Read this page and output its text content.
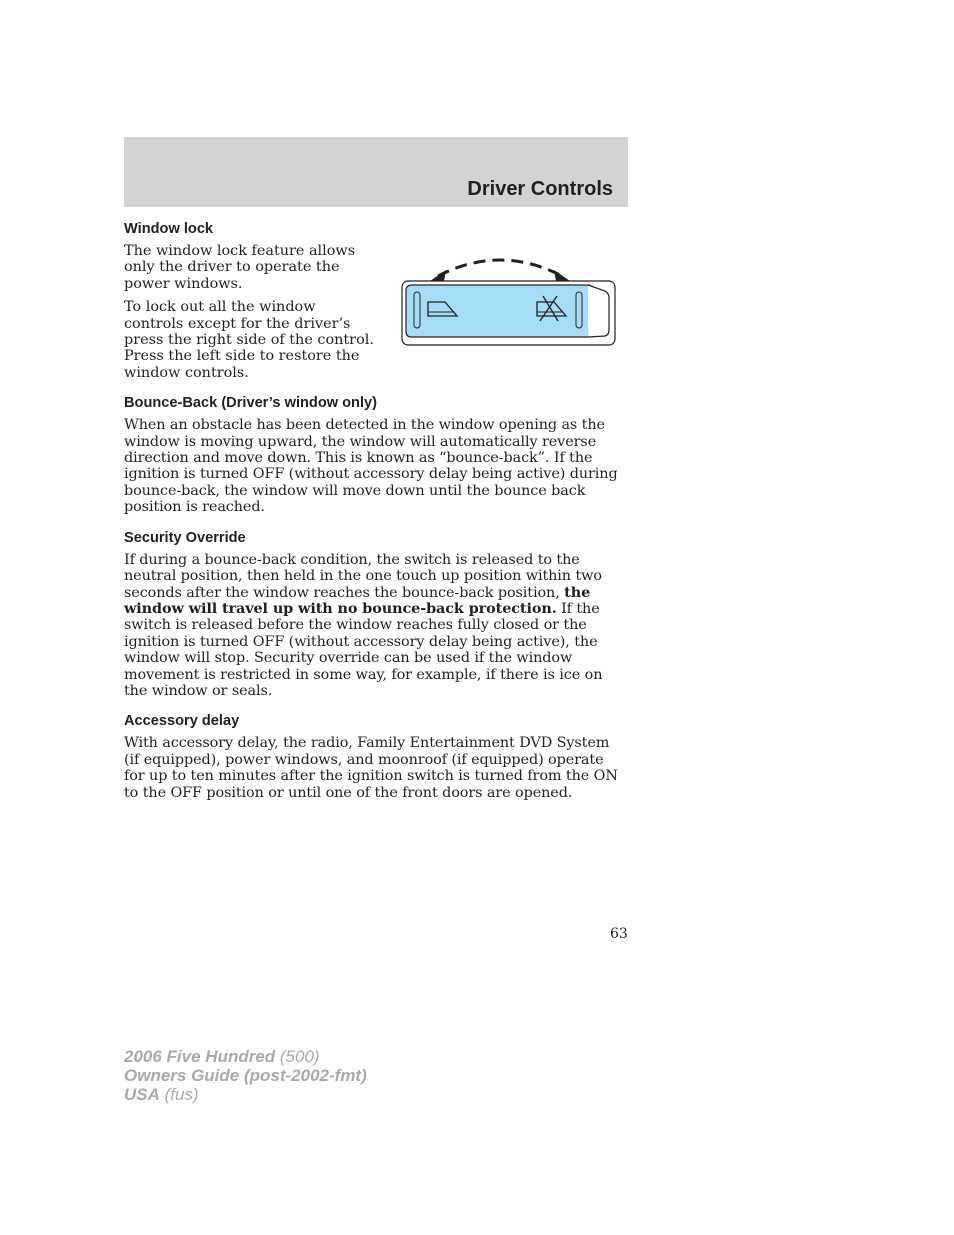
Driver Controls
Window lock

The window lock feature allows only the driver to operate the power windows.

To lock out all the window controls except for the driver’s press the right side of the control. Press the left side to restore the window controls.

Bounce-Back (Driver’s window only)

When an obstacle has been detected in the window opening as the window is moving upward, the window will automatically reverse direction and move down. This is known as “bounce-back”. If the ignition is turned OFF (without accessory delay being active) during bounce-back, the window will move down until the bounce back position is reached.

Security Override

If during a bounce-back condition, the switch is released to the neutral position, then held in the one touch up position within two seconds after the window reaches the bounce-back position, the window will travel up with no bounce-back protection. If the switch is released before the window reaches fully closed or the ignition is turned OFF (without accessory delay being active), the window will stop. Security override can be used if the window movement is restricted in some way, for example, if there is ice on the window or seals.

Accessory delay

With accessory delay, the radio, Family Entertainment DVD System (if equipped), power windows, and moonroof (if equipped) operate for up to ten minutes after the ignition switch is turned from the ON to the OFF position or until one of the front doors are opened.

63
2006 Five Hundred (500)
Owners Guide (post-2002-fmt)
USA (fus)
